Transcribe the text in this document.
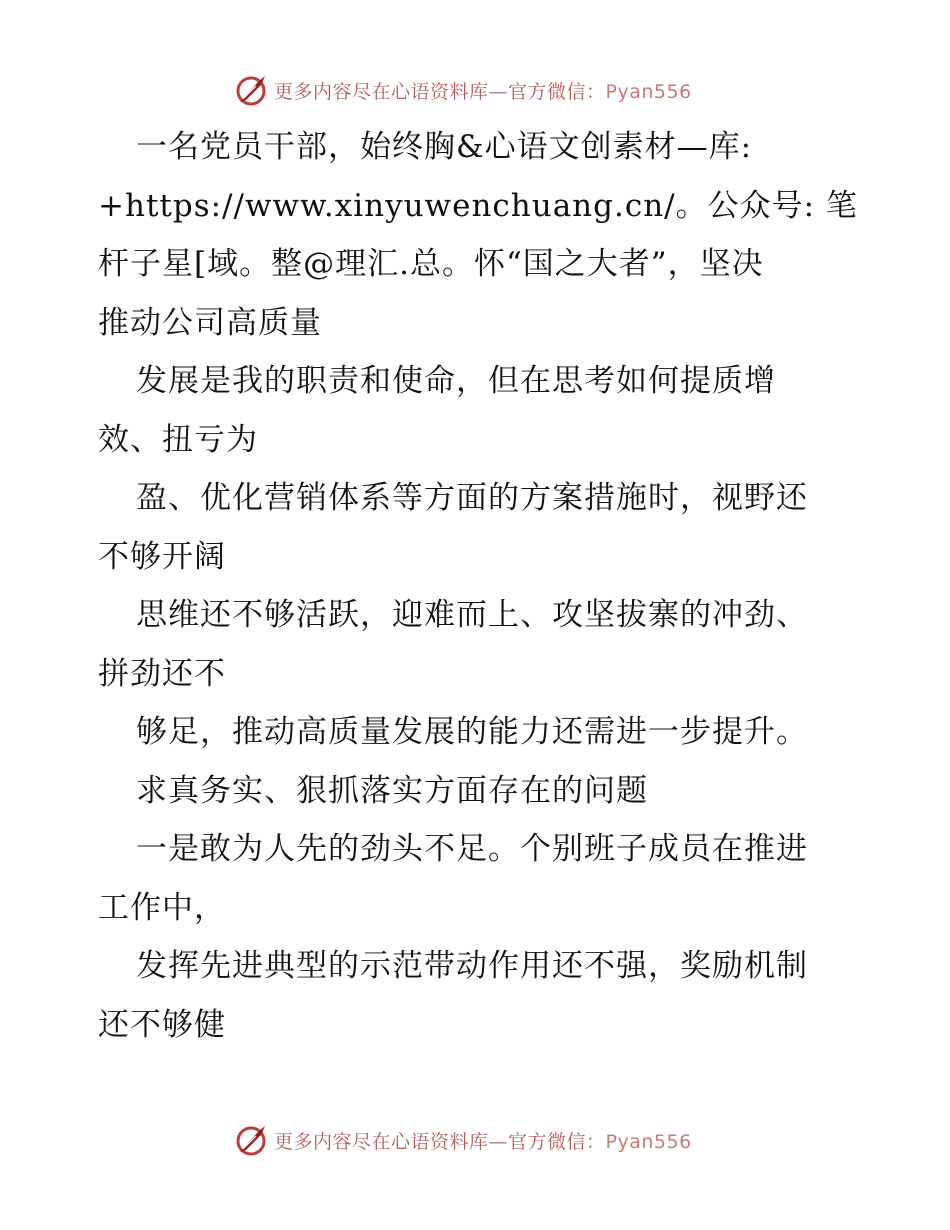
更多内容尽在心语资料库—官方微信：Pyan556
一名党员干部，始终胸&心语文创素材—库:
+https://www.xinyuwenchuang.cn/。公众号: 笔
杆子星[域。整@理汇.总。怀“国之大者”，坚决
推动公司高质量
发展是我的职责和使命，但在思考如何提质增
效、扭亏为
盈、优化营销体系等方面的方案措施时，视野还
不够开阔
思维还不够活跃，迎难而上、攻坚拔寨的冲劲、
拼劲还不
够足，推动高质量发展的能力还需进一步提升。
求真务实、狠抓落实方面存在的问题
一是敢为人先的劲头不足。个别班子成员在推进
工作中，
发挥先进典型的示范带动作用还不强，奖励机制
还不够健
更多内容尽在心语资料库—官方微信：Pyan556
